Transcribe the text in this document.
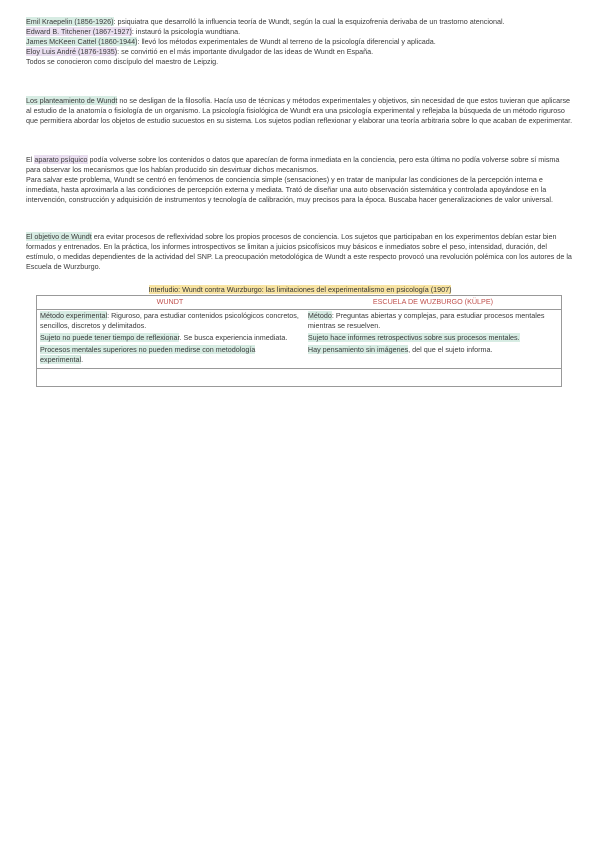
Emil Kraepelin (1856-1926): psiquiatra que desarrolló la influencia teoría de Wundt, según la cual la esquizofrenia derivaba de un trastorno atencional.
Edward B. Titchener (1867-1927): instauró la psicología wundtiana.
James McKeen Cattel (1860-1944): llevó los métodos experimentales de Wundt al terreno de la psicología diferencial y aplicada.
Eloy Luis André (1876-1935): se convirtió en el más importante divulgador de las ideas de Wundt en España.
Todos se conocieron como discípulo del maestro de Leipzig.
Los planteamiento de Wundt no se desligan de la filosofía. Hacía uso de técnicas y métodos experimentales y objetivos, sin necesidad de que estos tuvieran que aplicarse al estudio de la anatomía o fisiología de un organismo. La psicología fisiológica de Wundt era una psicología experimental y reflejaba la búsqueda de un método riguroso que permitiera abordar los objetos de estudio sucuestos en su sistema. Los sujetos podían reflexionar y elaborar una teoría arbitraria sobre lo que acaban de experimentar.
El aparato psíquico podía volverse sobre los contenidos o datos que aparecían de forma inmediata en la conciencia, pero esta última no podía volverse sobre sí misma para observar los mecanismos que los habían producido sin desvirtuar dichos mecanismos.
Para salvar este problema, Wundt se centró en fenómenos de conciencia simple (sensaciones) y en tratar de manipular las condiciones de la percepción interna e inmediata, hasta aproximarla a las condiciones de percepción externa y mediata. Trató de diseñar una auto observación sistemática y controlada apoyándose en la intervención, construcción y adquisición de instrumentos y tecnología de calibración, muy precisos para la época. Buscaba hacer generalizaciones de valor universal.
El objetivo de Wundt era evitar procesos de reflexividad sobre los propios procesos de conciencia. Los sujetos que participaban en los experimentos debían estar bien formados y entrenados. En la práctica, los informes introspectivos se limitan a juicios psicofísicos muy básicos e inmediatos sobre el peso, intensidad, duración, del estímulo, o medidas dependientes de la actividad del SNP. La preocupación metodológica de Wundt a este respecto provocó una revolución polémica con los autores de la Escuela de Wurzburgo.
Interludio: Wundt contra Wurzburgo: las limitaciones del experimentalismo en psicología (1907)
WUNDT	ESCUELA DE WUZBURGO (KÜLPE)
Método experimental: Riguroso, para estudiar contenidos psicológicos concretos, sencillos, discretos y delimitados.	Método: Preguntas abiertas y complejas, para estudiar procesos mentales mientras se resuelven.
Sujeto no puede tener tiempo de reflexionar. Se busca experiencia inmediata.	Sujeto hace informes retrospectivos sobre sus procesos mentales.
Procesos mentales superiores no pueden medirse con metodología experimental.	Hay pensamiento sin imágenes, del que el sujeto informa.
